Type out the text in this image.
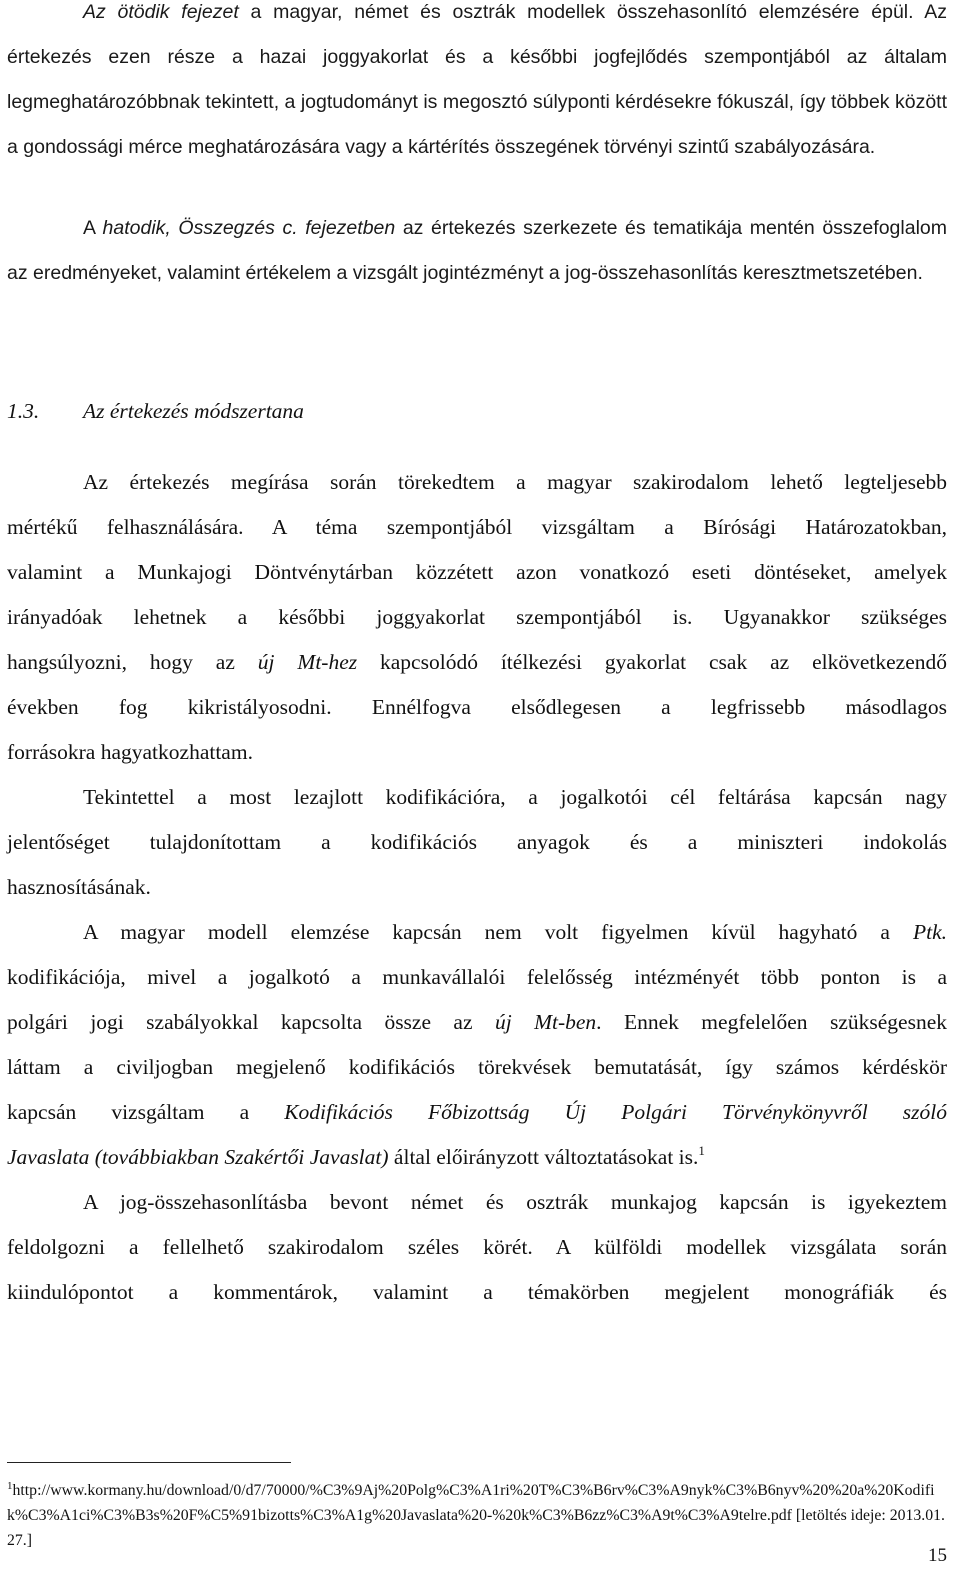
Az ötödik fejezet a magyar, német és osztrák modellek összehasonlító elemzésére épül. Az értekezés ezen része a hazai joggyakorlat és a későbbi jogfejlődés szempontjából az általam legmeghatározóbbnak tekintett, a jogtudományt is megosztó súlyponti kérdésekre fókuszál, így többek között a gondossági mérce meghatározására vagy a kártérítés összegének törvényi szintű szabályozására.

A hatodik, Összegzés c. fejezetben az értekezés szerkezete és tematikája mentén összefoglalom az eredményeket, valamint értékelem a vizsgált jogintézményt a jog-összehasonlítás keresztmetszetében.

1.3. Az értekezés módszertana
Az értekezés megírása során törekedtem a magyar szakirodalom lehető legteljesebb
mértékű felhasználására. A téma szempontjából vizsgáltam a Bírósági Határozatokban,
valamint a Munkajogi Döntvénytárban közzétett azon vonatkozó eseti döntéseket, amelyek
irányadóak lehetnek a későbbi joggyakorlat szempontjából is. Ugyanakkor szükséges
hangsúlyozni, hogy az új Mt-hez kapcsolódó ítélkezési gyakorlat csak az elkövetkezendő
években fog kikristályosodni. Ennélfogva elsődlegesen a legfrissebb másodlagos
forrásokra hagyatkozhattam.
Tekintettel a most lezajlott kodifikációra, a jogalkotói cél feltárása kapcsán nagy
jelentőséget tulajdonítottam a kodifikációs anyagok és a miniszteri indokolás
hasznosításának.
A magyar modell elemzése kapcsán nem volt figyelmen kívül hagyható a Ptk.
kodifikációja, mivel a jogalkotó a munkavállalói felelősség intézményét több ponton is a
polgári jogi szabályokkal kapcsolta össze az új Mt-ben. Ennek megfelelően szükségesnek
láttam a civiljogban megjelenő kodifikációs törekvések bemutatását, így számos kérdéskör
kapcsán vizsgáltam a Kodifikációs Főbizottság Új Polgári Törvénykönyvről szóló
Javaslata (továbbiakban Szakértői Javaslat) által előirányzott változtatásokat is.$^1$
A jog-összehasonlításba bevont német és osztrák munkajog kapcsán is igyekeztem
feldolgozni a fellelhető szakirodalom széles körét. A külföldi modellek vizsgálata során
kiindulópontot a kommentárok, valamint a témakörben megjelent monográfiák és
$^1$http://www.kormany.hu/download/0/d7/70000/%C3%9Aj%20Polg%C3%A1ri%20T%C3%B6rv%C3%A9nyk%C3%B6nyv%20%20a%20Kodifik%C3%A1ci%C3%B3s%20F%C5%91bizotts%C3%A1g%20Javaslata%20-%20k%C3%B6zz%C3%A9t%C3%A9telre.pdf [letöltés ideje: 2013.01.27.]
15
